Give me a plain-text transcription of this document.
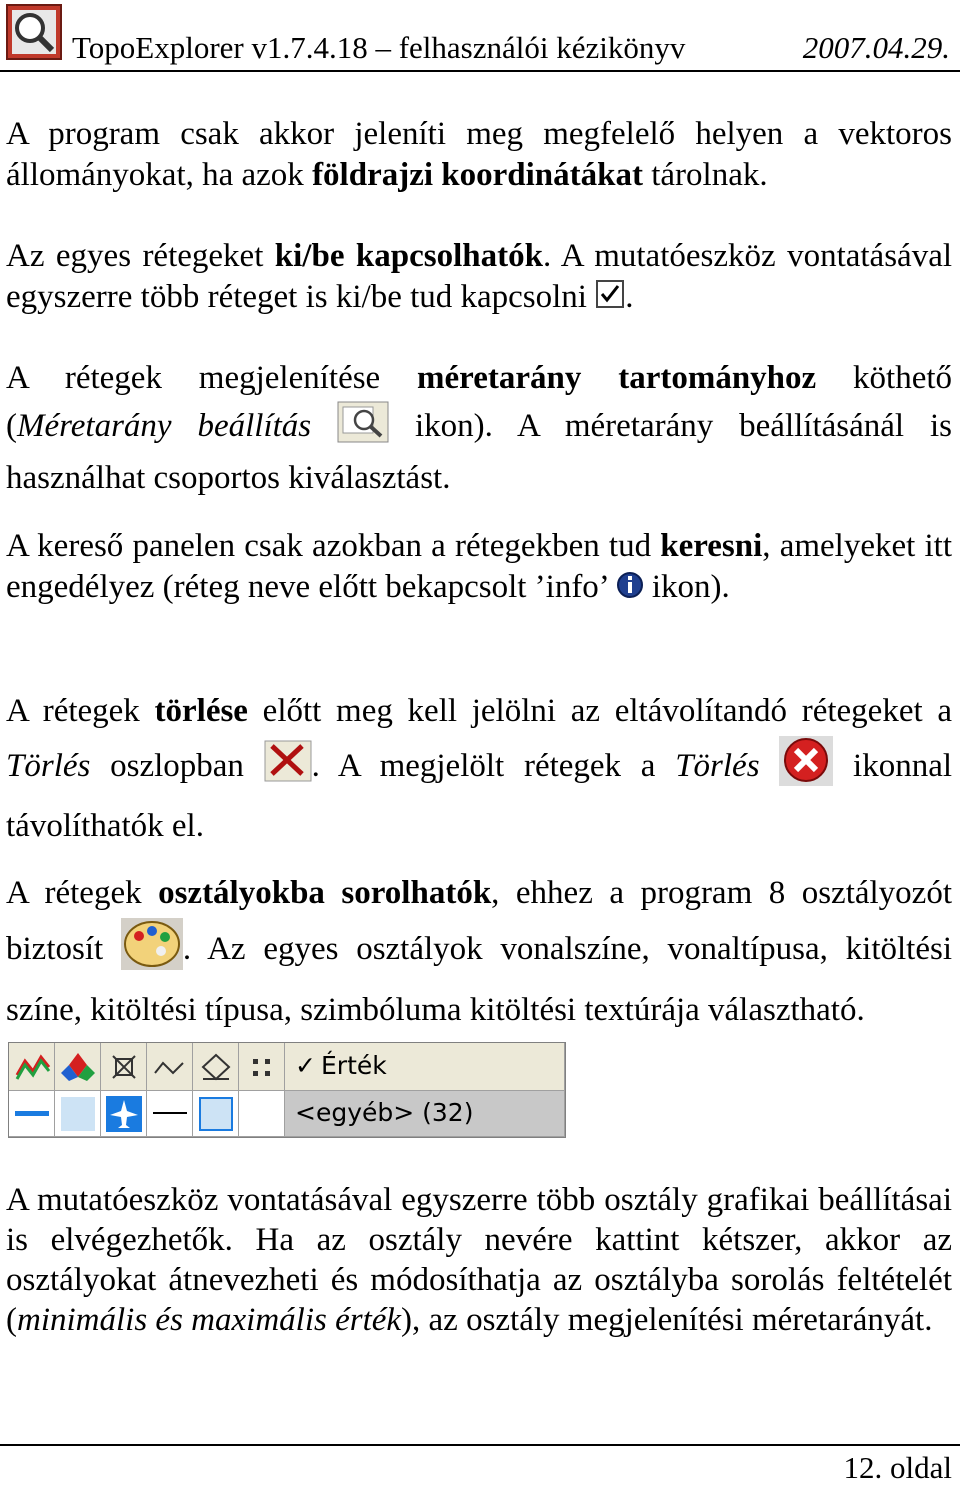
TopoExplorer v1.7.4.18 – felhasználói kézikönyv	2007.04.29.
A program csak akkor jeleníti meg megfelelő helyen a vektoros állományokat, ha azok földrajzi koordinátákat tárolnak.
Az egyes rétegeket ki/be kapcsolhatók. A mutatóeszköz vontatásával egyszerre több réteget is ki/be tud kapcsolni .
A rétegek megjelenítése méretarány tartományhoz köthető (Méretarány beállítás  ikon). A méretarány beállításánál is használhat csoportos kiválasztást.
A kereső panelen csak azokban a rétegekben tud keresni, amelyeket itt engedélyez (réteg neve előtt bekapcsolt ’info’  ikon).
A rétegek törlése előtt meg kell jelölni az eltávolítandó rétegeket a Törlés oszlopban . A megjelölt rétegek a Törlés  ikonnal távolíthatók el.
A rétegek osztályokba sorolhatók, ehhez a program 8 osztályozót biztosít . Az egyes osztályok vonalszíne, vonaltípusa, kitöltési színe, kitöltési típusa, szimbóluma kitöltési textúrája választható.
✓ Érték
<egyéb> (32)
A mutatóeszköz vontatásával egyszerre több osztály grafikai beállításai is elvégezhetők. Ha az osztály nevére kattint kétszer, akkor az osztályokat átnevezheti és módosíthatja az osztályba sorolás feltételét (minimális és maximális érték), az osztály megjelenítési méretarányát.
12. oldal
